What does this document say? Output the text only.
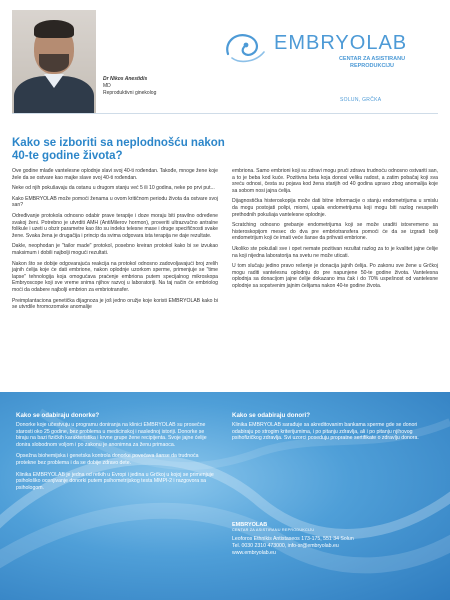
Dr Nikos Anestidis
MD
Reproduktivni ginekolog
EMBRYOLAB
CENTAR ZA ASISTIRANU
REPRODUKCIJU
SOLUN, GRČKA
Kako se izboriti sa neplodnošću nakon 40-te godine života?

Ove godine mlađe vantelesne oplodnje slavi svoj 40-ti rođendan. Takođe, mnoge žene koje žele da se ostvare kao majke slave svoj 40-ti rođendan.

Neke od njih pokušavaju da ostanu u drugom stanju već 5 ili 10 godina, neke po prvi put...

Kako EMBRYOLAB može pomoći ženama u ovom kritičnom periodu života da ostvare svoj san?

Određivanje protokola odnosno odabir prave terapije i doze moraju biti pravilno određene svakoj ženi. Potrebno je utvrditi AMH (AntiMilerov hormon), proveriti ultrazvučno antralne folikule i uzeti u obzir parametre kao što su indeks telesne mase i druge specifičnosti svake žene. Svaka žena je drugačija i princip da svima odgovara ista terapija ne daje rezultate.

Dakle, neophodan je "tailor made" protokol, posebno kreiran protokol kako bi se izvukao maksimum i dobili najbolji mogući rezultati.

Nakon što se dobije odgovarajuća reakcija na protokol odnosno zadovoljavajući broj zrelih jajnih ćelija koje će dati embrione, nakon oplodnje uzorkom sperme, primenjuje se "time lapse" tehnologija koja omogućava praćenje embriona putem specijalnog mikroskopa Embryoscope koji sve vreme snima njihov razvoj u laboratoriji. Na taj način će embriolog moći da odabere najbolji embrion za embriotransfer.

Preimplantaciona genetička dijagnoza je još jedno oružje koje koristi EMBRYOLAB kako bi se utvrdile hromozomske anomalije

embriona. Samo embrioni koji su zdravi mogu prući zdravu trudnoću odnosno ostvariti san, a to je beba kod kuće. Pozitivna beta koja donosi veliku radost, a zatim pobačaj koji sva sreću odnosi, česta su pojava kod žena starijih od 40 godina upravo zbog anomalija koje sa sobom nosi jajna ćelija.

Dijagnostička histeroskopija može dati bitne informacije o stanju endometrijuma u smislu da mogu postojati polipi, miomi, upala endometrijuma koji mogu biti razlog neuspelih prethodnih pokušaja vantelesne oplodnje.

Scratching odnosno grebanje endometrijuma koji se može uraditi istovremeno sa histeroskopijom mesec do dva pre embriotransfera pomoći će da se izgradi bolji endometrijum koji će imati veće šanse da prihvati embrione.

Ukoliko ste pokušali sve i opet nemate pozitivan rezultat razlog za to je kvalitet jajne ćelije na koji nijedna laboratorija na svetu ne može uticati.

U tom slučaju jedino pravo rešenje je donacija jajnih ćelija. Po zakonu sve žene u Grčkoj mogu raditi vantelesnu oplodnju do pre napunjene 50-te godine života. Vantelesna oplodnja sa donacijom jajne ćelije dokazano ima čak i do 70% uspešnost od vantelesne oplodnje sa sopstvenim jajnim ćelijama nakon 40-te godine života.

Kako se odabiraju donorke?

Donorke koje učestvuju u programu doniranja na klinici EMBRYOLAB su prosečne starosti oko 25 godine, bez problema u medicinskoj i naslednoj istoriji. Donorke se biraju na bazi fizičkih karakteristika i krvne grupe žene recipijenta. Svoje jajne ćelije donira slobodnom voljom i po zakonu je anonimna za ženu primaoca.

Opsežna biohemijska i genetska kontrola donorke povećava šanse da trudnoća protekne bez problema i da se dobije zdravo dete.

Klinika EMBRYOLAB je jedna od retkih u Evropi i jedina u Grčkoj u kojoj se primenjuje psihološko ocenjivanje donorki putem psihometrijskog testa MMPI-2 i razgovora sa psihologom.

Kako se odabiraju donori?

Klinika EMBRYOLAB sarađuje sa akreditovanim bankama sperme gde se donori odabiraju po strogim kriterijumima, i po pitanju zdravlja, ali i po pitanju njihovog psihofizičkog zdravlja. Svi uzorci poseduju propratne sertifikate o zdravlju donora.

EMBRYOLAB
CENTAR ZA ASISTIRANU REPRODUKCIJU
Leoforos Ethnikis Antistaseos 173-175, 551 34 Solun
Tel. 0030 2310 473000, info-sr@embryolab.eu
www.embryolab.eu
